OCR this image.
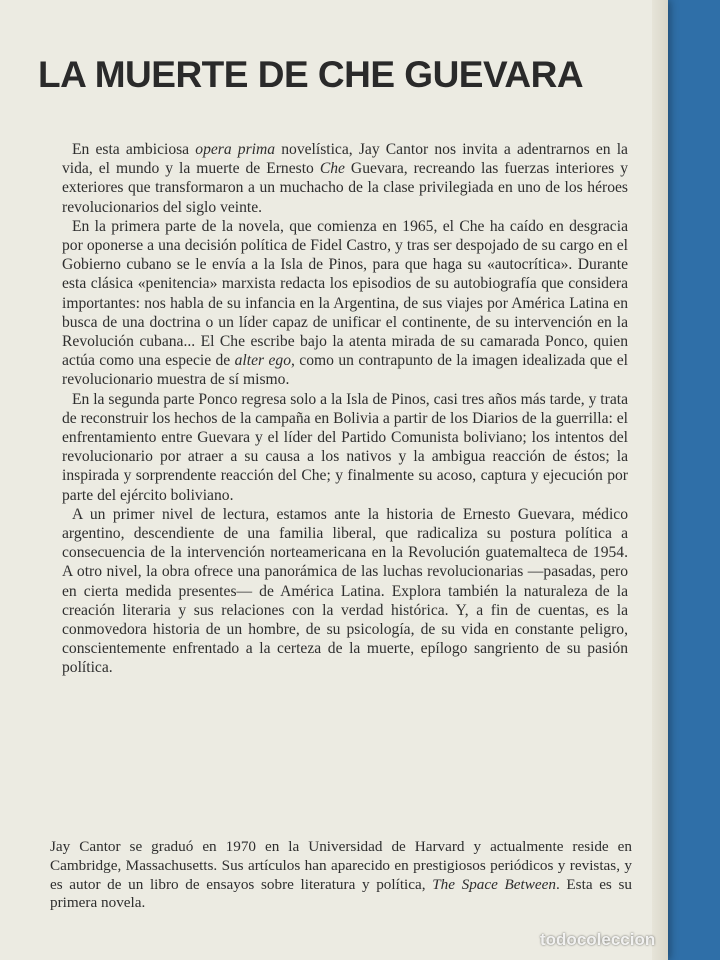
LA MUERTE DE CHE GUEVARA

En esta ambiciosa opera prima novelística, Jay Cantor nos invita a adentrarnos en la vida, el mundo y la muerte de Ernesto Che Guevara, recreando las fuerzas interiores y exteriores que transformaron a un muchacho de la clase privilegiada en uno de los héroes revolucionarios del siglo veinte.

En la primera parte de la novela, que comienza en 1965, el Che ha caído en desgracia por oponerse a una decisión política de Fidel Castro, y tras ser despojado de su cargo en el Gobierno cubano se le envía a la Isla de Pinos, para que haga su «autocrítica». Durante esta clásica «penitencia» marxista redacta los episodios de su autobiografía que considera importantes: nos habla de su infancia en la Argentina, de sus viajes por América Latina en busca de una doctrina o un líder capaz de unificar el continente, de su intervención en la Revolución cubana... El Che escribe bajo la atenta mirada de su camarada Ponco, quien actúa como una especie de alter ego, como un contrapunto de la imagen idealizada que el revolucionario muestra de sí mismo.

En la segunda parte Ponco regresa solo a la Isla de Pinos, casi tres años más tarde, y trata de reconstruir los hechos de la campaña en Bolivia a partir de los Diarios de la guerrilla: el enfrentamiento entre Guevara y el líder del Partido Comunista boliviano; los intentos del revolucionario por atraer a su causa a los nativos y la ambigua reacción de éstos; la inspirada y sorprendente reacción del Che; y finalmente su acoso, captura y ejecución por parte del ejército boliviano.

A un primer nivel de lectura, estamos ante la historia de Ernesto Guevara, médico argentino, descendiente de una familia liberal, que radicaliza su postura política a consecuencia de la intervención norteamericana en la Revolución guatemalteca de 1954. A otro nivel, la obra ofrece una panorámica de las luchas revolucionarias —pasadas, pero en cierta medida presentes— de América Latina. Explora también la naturaleza de la creación literaria y sus relaciones con la verdad histórica. Y, a fin de cuentas, es la conmovedora historia de un hombre, de su psicología, de su vida en constante peligro, conscientemente enfrentado a la certeza de la muerte, epílogo sangriento de su pasión política.

Jay Cantor se graduó en 1970 en la Universidad de Harvard y actualmente reside en Cambridge, Massachusetts. Sus artículos han aparecido en prestigiosos periódicos y revistas, y es autor de un libro de ensayos sobre literatura y política, The Space Between. Esta es su primera novela.

todocoleccion
